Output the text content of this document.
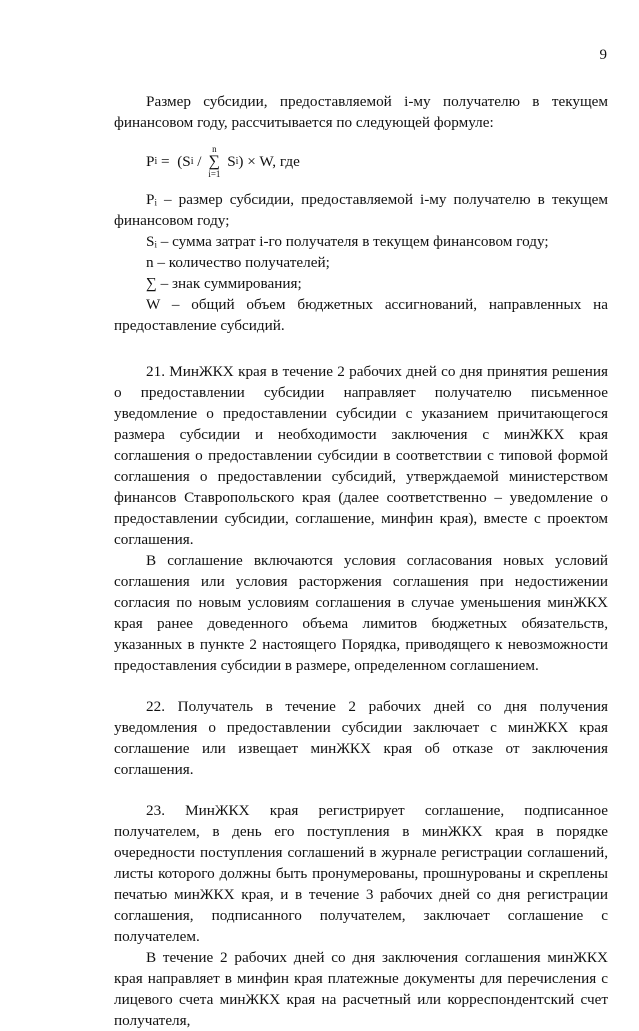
9

Размер субсидии, предоставляемой i-му получателю в текущем финансовом году, рассчитывается по следующей формуле:

P i =  (S i /
n
∑
i=1
S i ) × W, где

Pᵢ – размер субсидии, предоставляемой i-му получателю в текущем финансовом году;

Sᵢ – сумма затрат i-го получателя в текущем финансовом году;

n – количество получателей;

∑ – знак суммирования;

W – общий объем бюджетных ассигнований, направленных на предоставление субсидий.

21. МинЖКХ края в течение 2 рабочих дней со дня принятия решения о предоставлении субсидии направляет получателю письменное уведомление о предоставлении субсидии с указанием причитающегося размера субсидии и необходимости заключения с минЖКХ края соглашения о предоставлении субсидии в соответствии с типовой формой соглашения о предоставлении субсидий, утверждаемой министерством финансов Ставропольского края (далее соответственно – уведомление о предоставлении субсидии, соглашение, минфин края), вместе с проектом соглашения.

В соглашение включаются условия согласования новых условий соглашения или условия расторжения соглашения при недостижении согласия по новым условиям соглашения в случае уменьшения минЖКХ края ранее доведенного объема лимитов бюджетных обязательств, указанных в пункте 2 настоящего Порядка, приводящего к невозможности предоставления субсидии в размере, определенном соглашением.

22. Получатель в течение 2 рабочих дней со дня получения уведомления о предоставлении субсидии заключает с минЖКХ края соглашение или извещает минЖКХ края об отказе от заключения соглашения.

23. МинЖКХ края регистрирует соглашение, подписанное получателем, в день его поступления в минЖКХ края в порядке очередности поступления соглашений в журнале регистрации соглашений, листы которого должны быть пронумерованы, прошнурованы и скреплены печатью минЖКХ края, и в течение 3 рабочих дней со дня регистрации соглашения, подписанного получателем, заключает соглашение с получателем.

В течение 2 рабочих дней со дня заключения соглашения минЖКХ края направляет в минфин края платежные документы для перечисления с лицевого счета минЖКХ края на расчетный или корреспондентский счет получателя,
